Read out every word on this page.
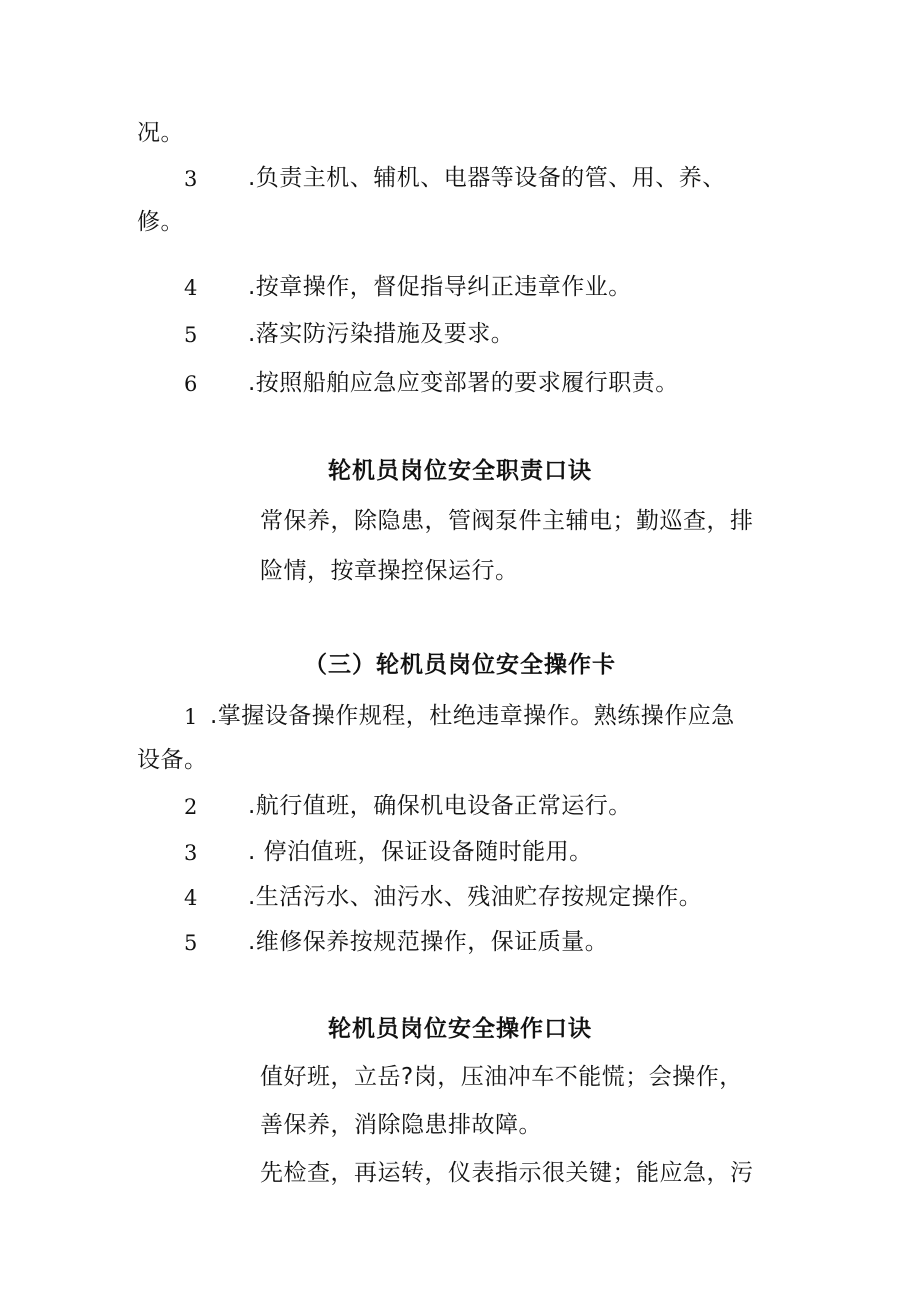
况。
3 .负责主机、辅机、电器等设备的管、用、养、
修。
4 .按章操作，督促指导纠正违章作业。
5 .落实防污染措施及要求。
6 .按照船舶应急应变部署的要求履行职责。
轮机员岗位安全职责口诀
常保养，除隐患，管阀泵件主辅电；勤巡查，排
险情，按章操控保运行。
（三）轮机员岗位安全操作卡
1 .掌握设备操作规程，杜绝违章操作。熟练操作应急
设备。
2 .航行值班，确保机电设备正常运行。
3 . 停泊值班，保证设备随时能用。
4 .生活污水、油污水、残油贮存按规定操作。
5 .维修保养按规范操作，保证质量。
轮机员岗位安全操作口诀
值好班，立岳?岗，压油冲车不能慌；会操作，
善保养，消除隐患排故障。
先检查，再运转，仪表指示很关键；能应急，污
